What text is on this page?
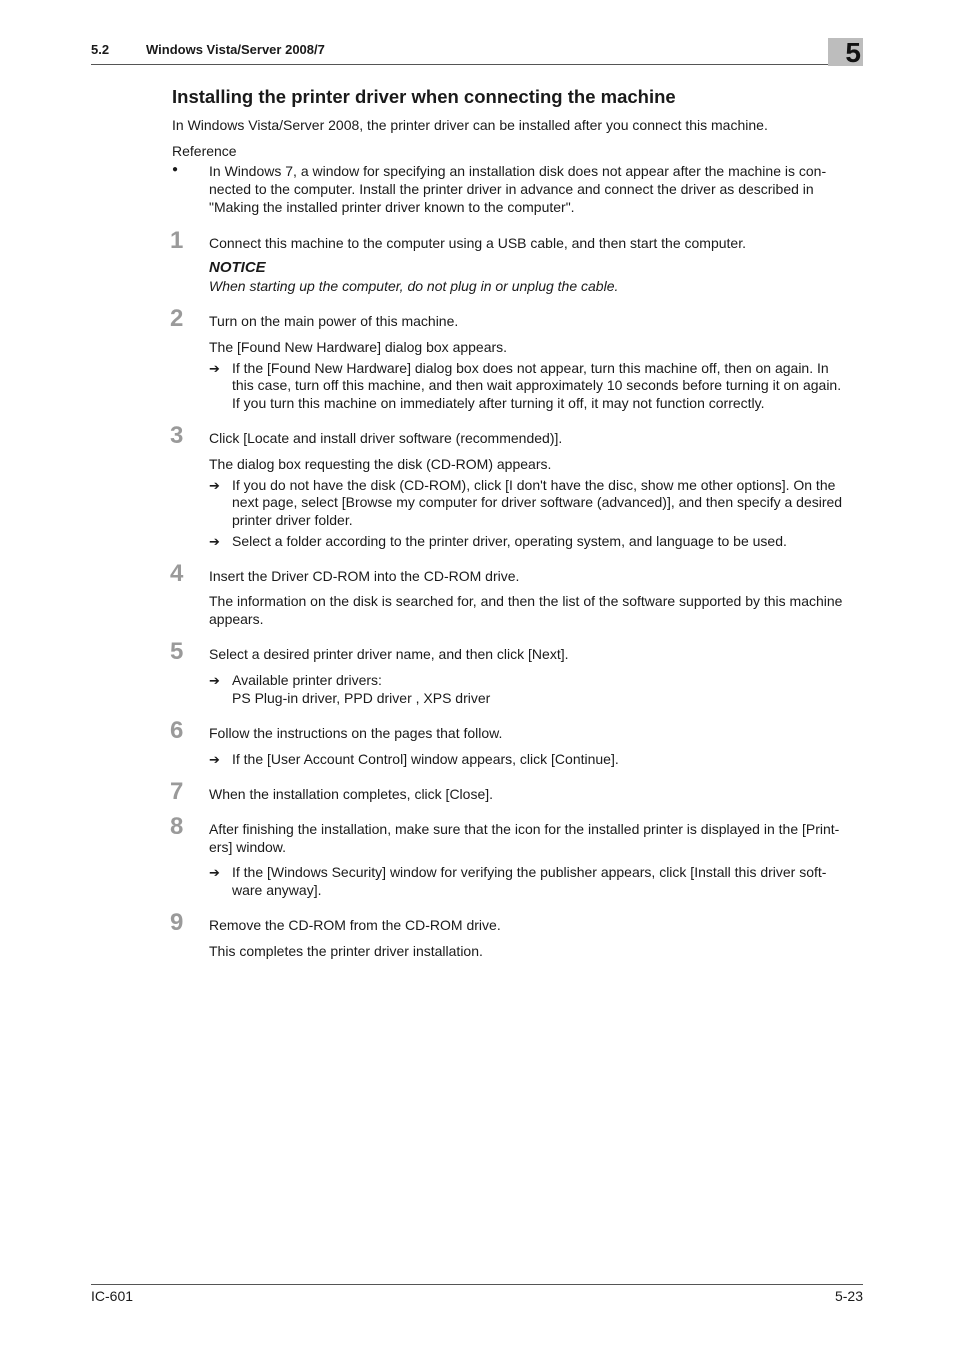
5.2	Windows Vista/Server 2008/7	5
Installing the printer driver when connecting the machine
In Windows Vista/Server 2008, the printer driver can be installed after you connect this machine.
Reference
● In Windows 7, a window for specifying an installation disk does not appear after the machine is con-
nected to the computer. Install the printer driver in advance and connect the driver as described in
"Making the installed printer driver known to the computer".
1 Connect this machine to the computer using a USB cable, and then start the computer.
NOTICE
When starting up the computer, do not plug in or unplug the cable.
2 Turn on the main power of this machine.
The [Found New Hardware] dialog box appears.
➔ If the [Found New Hardware] dialog box does not appear, turn this machine off, then on again. In
this case, turn off this machine, and then wait approximately 10 seconds before turning it on again.
If you turn this machine on immediately after turning it off, it may not function correctly.
3 Click [Locate and install driver software (recommended)].
The dialog box requesting the disk (CD-ROM) appears.
➔ If you do not have the disk (CD-ROM), click [I don't have the disc, show me other options]. On the
next page, select [Browse my computer for driver software (advanced)], and then specify a desired
printer driver folder.
➔ Select a folder according to the printer driver, operating system, and language to be used.
4 Insert the Driver CD-ROM into the CD-ROM drive.
The information on the disk is searched for, and then the list of the software supported by this machine
appears.
5 Select a desired printer driver name, and then click [Next].
➔ Available printer drivers:
PS Plug-in driver, PPD driver , XPS driver
6 Follow the instructions on the pages that follow.
➔ If the [User Account Control] window appears, click [Continue].
7 When the installation completes, click [Close].
8 After finishing the installation, make sure that the icon for the installed printer is displayed in the [Print-
ers] window.
➔ If the [Windows Security] window for verifying the publisher appears, click [Install this driver soft-
ware anyway].
9 Remove the CD-ROM from the CD-ROM drive.
This completes the printer driver installation.
IC-601	5-23
